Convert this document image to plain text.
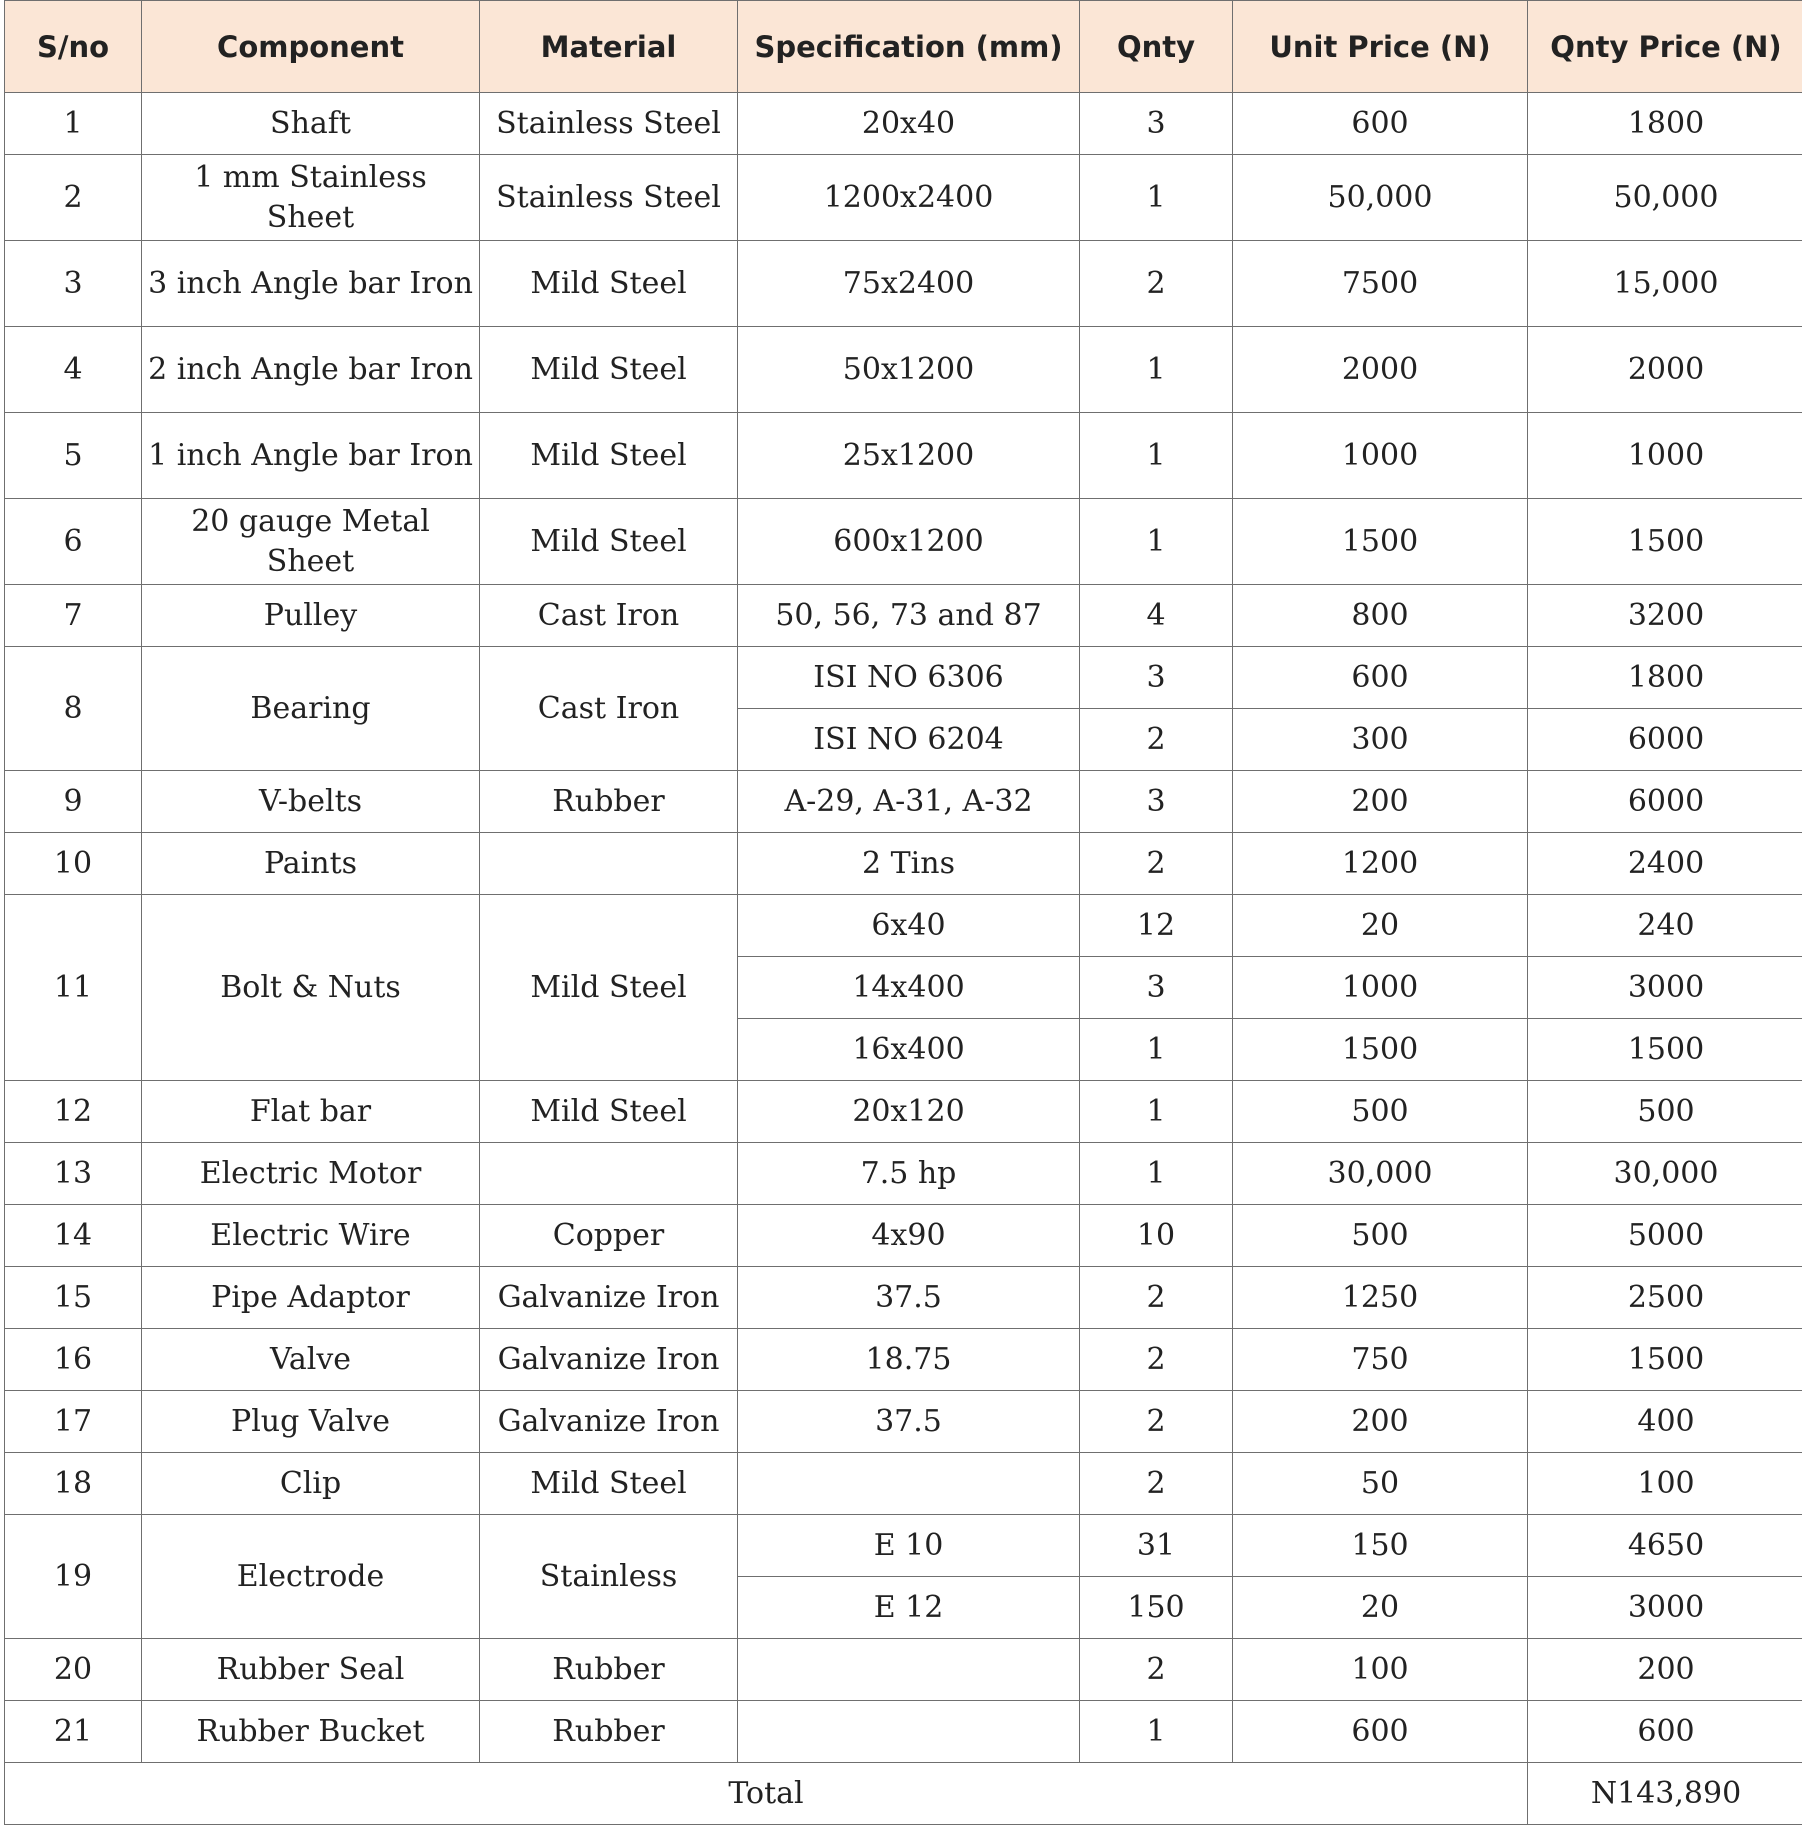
S/no	Component	Material	Specification (mm)	Qnty	Unit Price (N)	Qnty Price (N)
1	Shaft	Stainless Steel	20x40	3	600	1800
2	1 mm Stainless Sheet	Stainless Steel	1200x2400	1	50,000	50,000
3	3 inch Angle bar Iron	Mild Steel	75x2400	2	7500	15,000
4	2 inch Angle bar Iron	Mild Steel	50x1200	1	2000	2000
5	1 inch Angle bar Iron	Mild Steel	25x1200	1	1000	1000
6	20 gauge Metal Sheet	Mild Steel	600x1200	1	1500	1500
7	Pulley	Cast Iron	50, 56, 73 and 87	4	800	3200
8	Bearing	Cast Iron	ISI NO 6306	3	600	1800
			ISI NO 6204	2	300	6000
9	V-belts	Rubber	A-29, A-31, A-32	3	200	6000
10	Paints		2 Tins	2	1200	2400
11	Bolt & Nuts	Mild Steel	6x40	12	20	240
			14x400	3	1000	3000
			16x400	1	1500	1500
12	Flat bar	Mild Steel	20x120	1	500	500
13	Electric Motor		7.5 hp	1	30,000	30,000
14	Electric Wire	Copper	4x90	10	500	5000
15	Pipe Adaptor	Galvanize Iron	37.5	2	1250	2500
16	Valve	Galvanize Iron	18.75	2	750	1500
17	Plug Valve	Galvanize Iron	37.5	2	200	400
18	Clip	Mild Steel		2	50	100
19	Electrode	Stainless	E 10	31	150	4650
			E 12	150	20	3000
20	Rubber Seal	Rubber		2	100	200
21	Rubber Bucket	Rubber		1	600	600
Total						N143,890
